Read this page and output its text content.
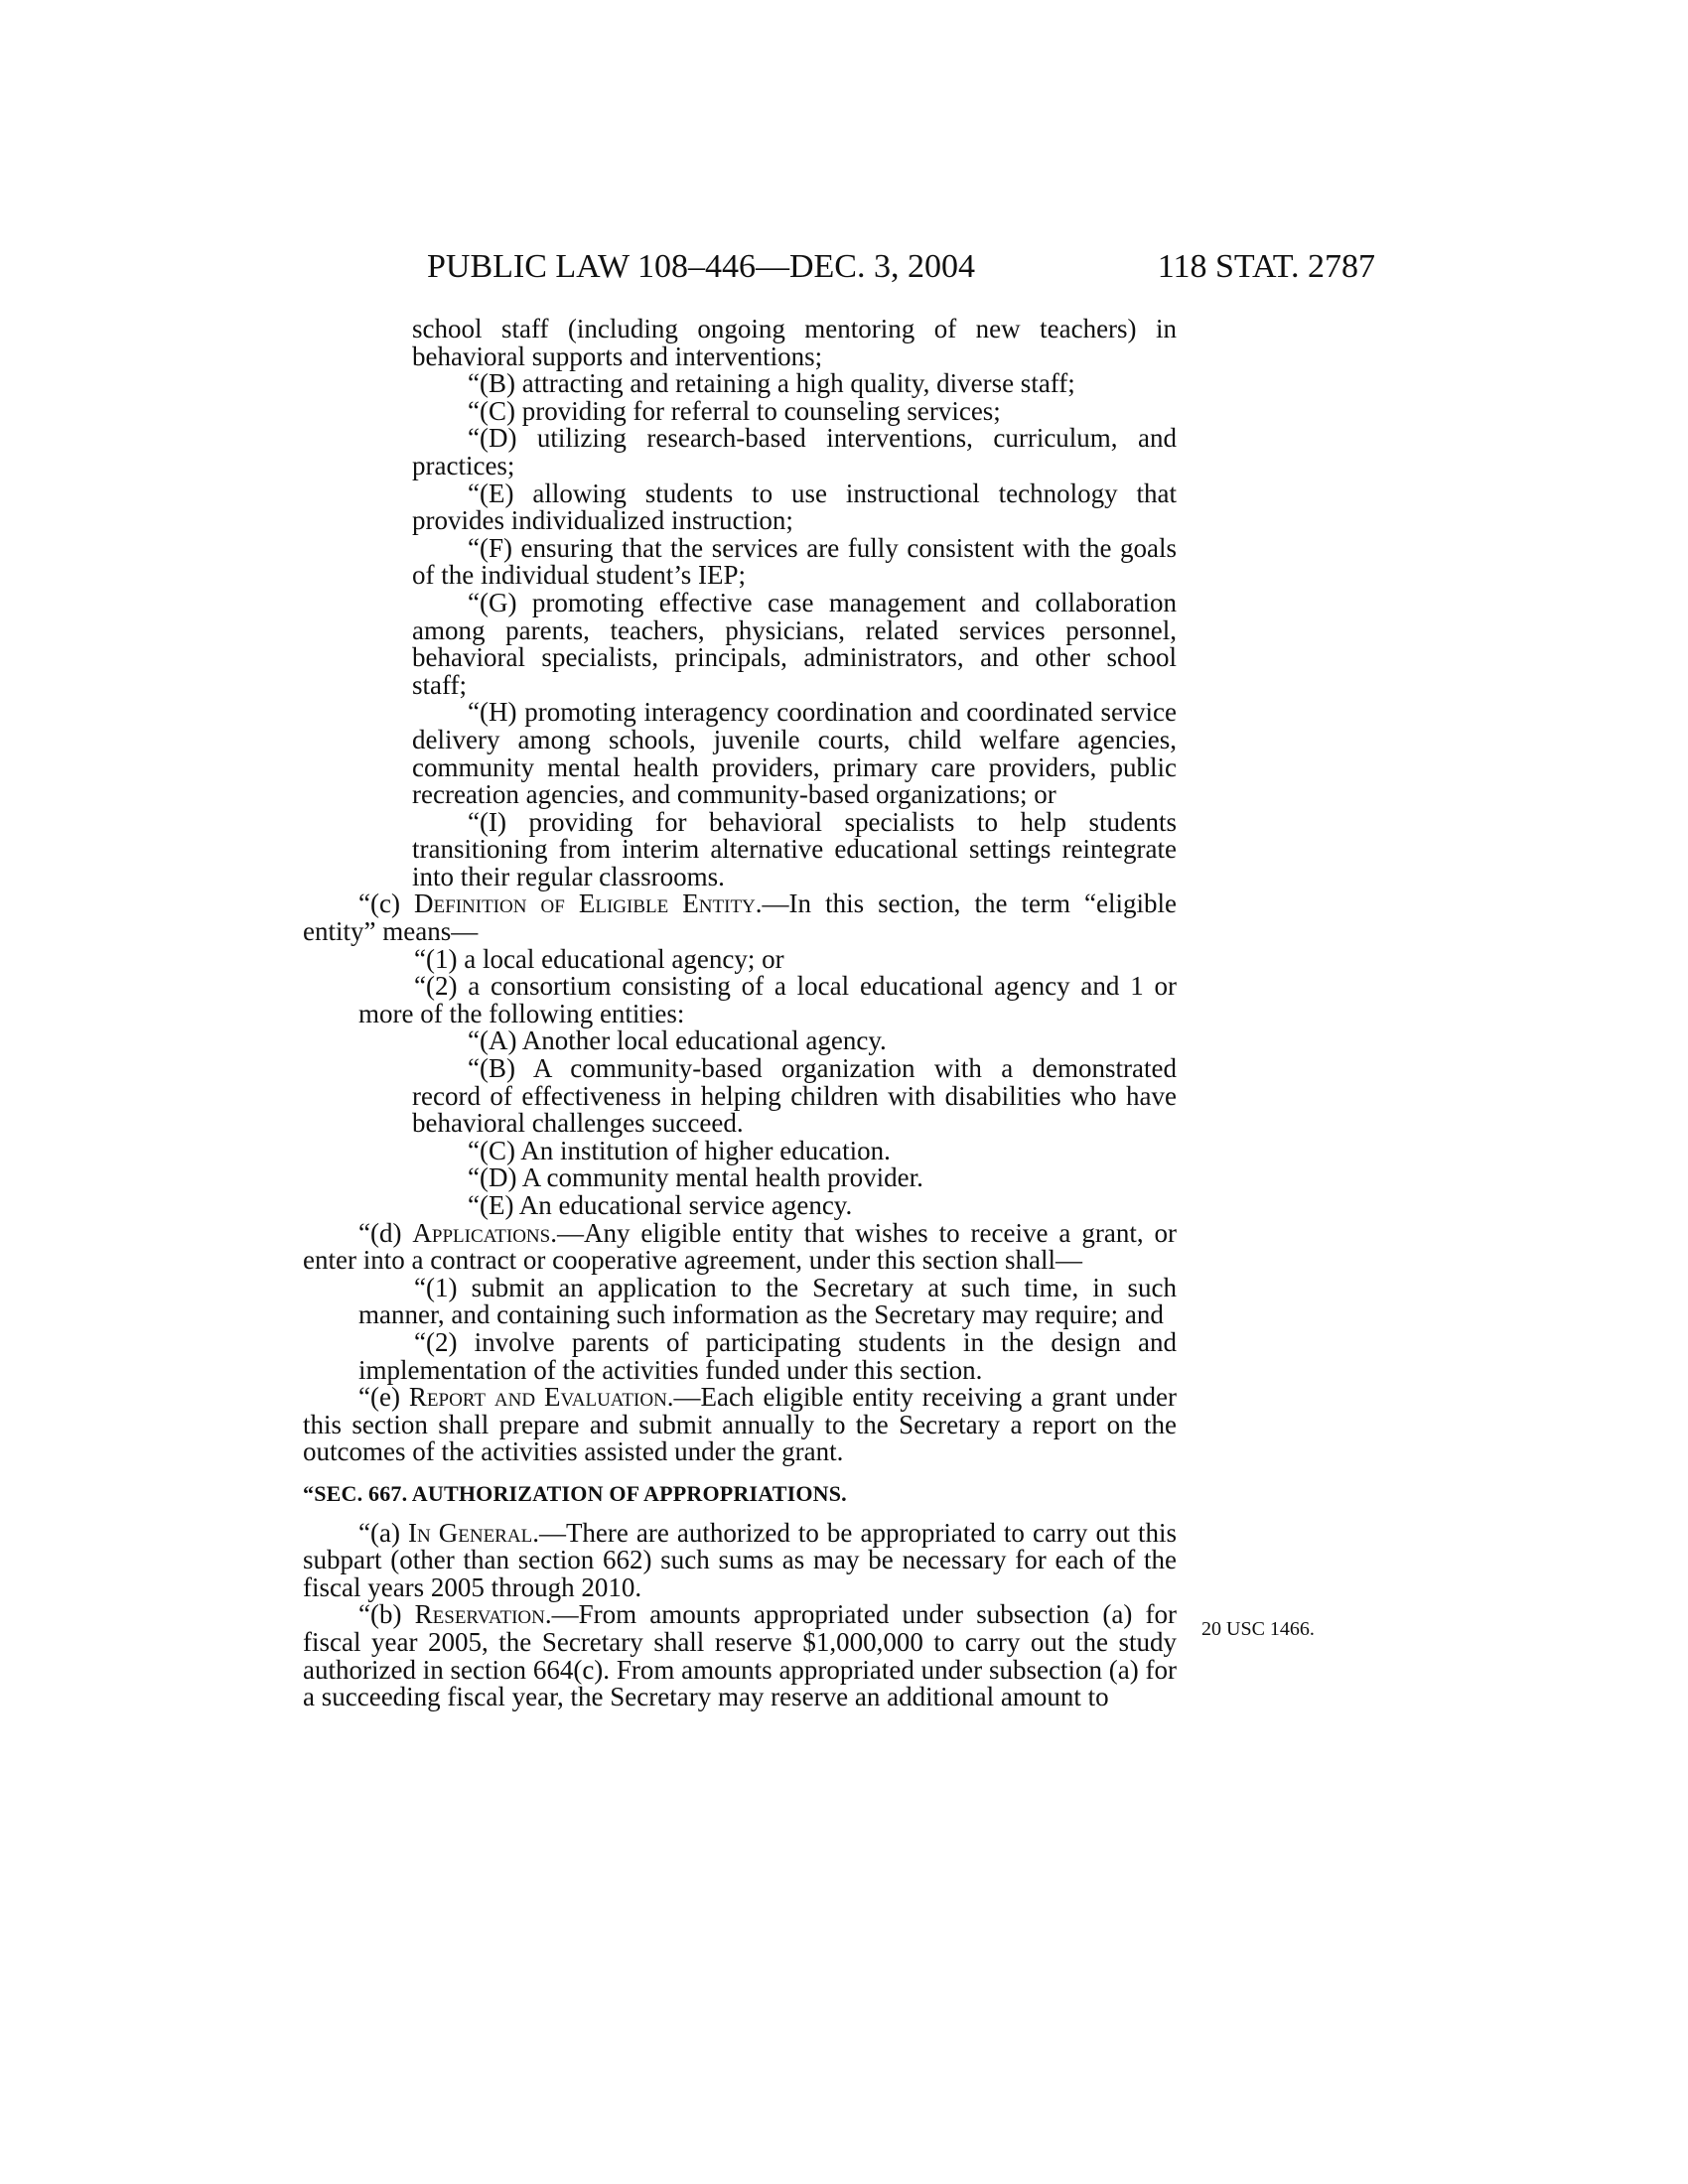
PUBLIC LAW 108–446—DEC. 3, 2004	118 STAT. 2787
school staff (including ongoing mentoring of new teachers) in behavioral supports and interventions;
“(B) attracting and retaining a high quality, diverse staff;
“(C) providing for referral to counseling services;
“(D) utilizing research-based interventions, curriculum, and practices;
“(E) allowing students to use instructional technology that provides individualized instruction;
“(F) ensuring that the services are fully consistent with the goals of the individual student’s IEP;
“(G) promoting effective case management and collaboration among parents, teachers, physicians, related services personnel, behavioral specialists, principals, administrators, and other school staff;
“(H) promoting interagency coordination and coordinated service delivery among schools, juvenile courts, child welfare agencies, community mental health providers, primary care providers, public recreation agencies, and community-based organizations; or
“(I) providing for behavioral specialists to help students transitioning from interim alternative educational settings reintegrate into their regular classrooms.
“(c) Definition of Eligible Entity.—In this section, the term “eligible entity” means—
“(1) a local educational agency; or
“(2) a consortium consisting of a local educational agency and 1 or more of the following entities:
“(A) Another local educational agency.
“(B) A community-based organization with a demonstrated record of effectiveness in helping children with disabilities who have behavioral challenges succeed.
“(C) An institution of higher education.
“(D) A community mental health provider.
“(E) An educational service agency.
“(d) Applications.—Any eligible entity that wishes to receive a grant, or enter into a contract or cooperative agreement, under this section shall—
“(1) submit an application to the Secretary at such time, in such manner, and containing such information as the Secretary may require; and
“(2) involve parents of participating students in the design and implementation of the activities funded under this section.
“(e) Report and Evaluation.—Each eligible entity receiving a grant under this section shall prepare and submit annually to the Secretary a report on the outcomes of the activities assisted under the grant.
“SEC. 667. AUTHORIZATION OF APPROPRIATIONS.
“(a) In General.—There are authorized to be appropriated to carry out this subpart (other than section 662) such sums as may be necessary for each of the fiscal years 2005 through 2010.
“(b) Reservation.—From amounts appropriated under subsection (a) for fiscal year 2005, the Secretary shall reserve $1,000,000 to carry out the study authorized in section 664(c). From amounts appropriated under subsection (a) for a succeeding fiscal year, the Secretary may reserve an additional amount to
20 USC 1466.
